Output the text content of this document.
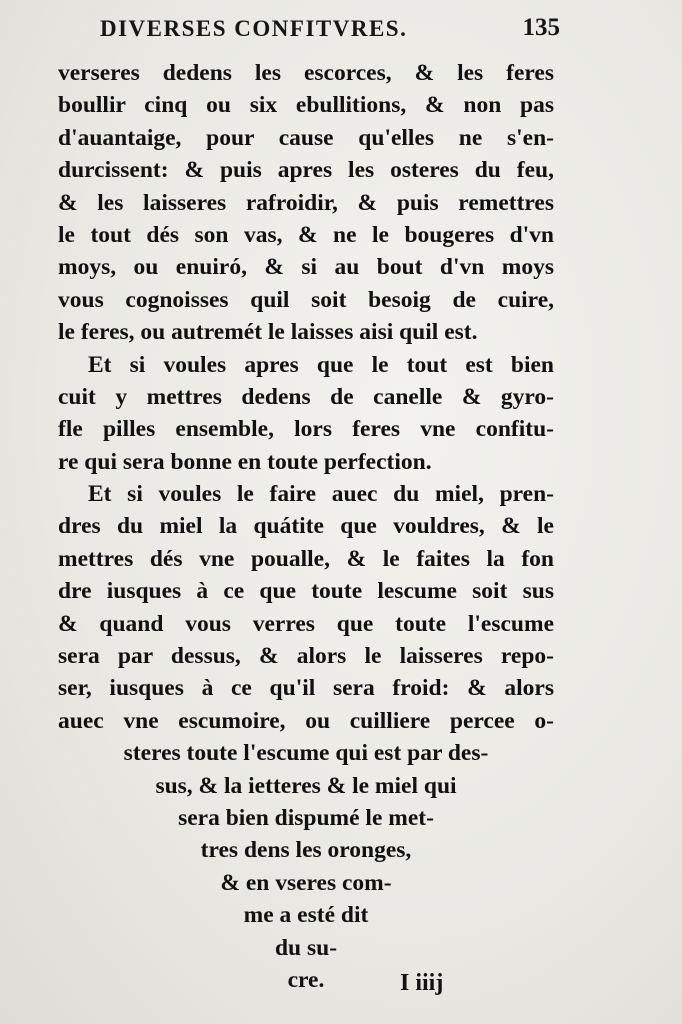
DIVERSES CONFITVRES.	135
verseres dedens les escorces, & les feres
boullir cinq ou six ebullitions, & non pas
d'auantaige, pour cause qu'elles ne s'en-
durcissent: & puis apres les osteres du feu,
& les laisseres rafroidir, & puis remettres
le tout dés son vas, & ne le bougeres d'vn
moys, ou enuiró, & si au bout d'vn moys
vous cognoisses quil soit besoig de cuire,
le feres, ou autremét le laisses aisi quil est.
Et si voules apres que le tout est bien
cuit y mettres dedens de canelle & gyro-
fle pilles ensemble, lors feres vne confitu-
re qui sera bonne en toute perfection.
Et si voules le faire auec du miel, pren-
dres du miel la quátite que vouldres, & le
mettres dés vne poualle, & le faites la fon
dre iusques à ce que toute lescume soit sus
& quand vous verres que toute l'escume
sera par dessus, & alors le laisseres repo-
ser, iusques à ce qu'il sera froid: & alors
auec vne escumoire, ou cuilliere percee o-
steres toute l'escume qui est par des-
sus, & la ietteres & le miel qui
sera bien dispumé le met-
tres dens les oronges,
& en vseres com-
me a esté dit
du su-
cre.	I iiij
